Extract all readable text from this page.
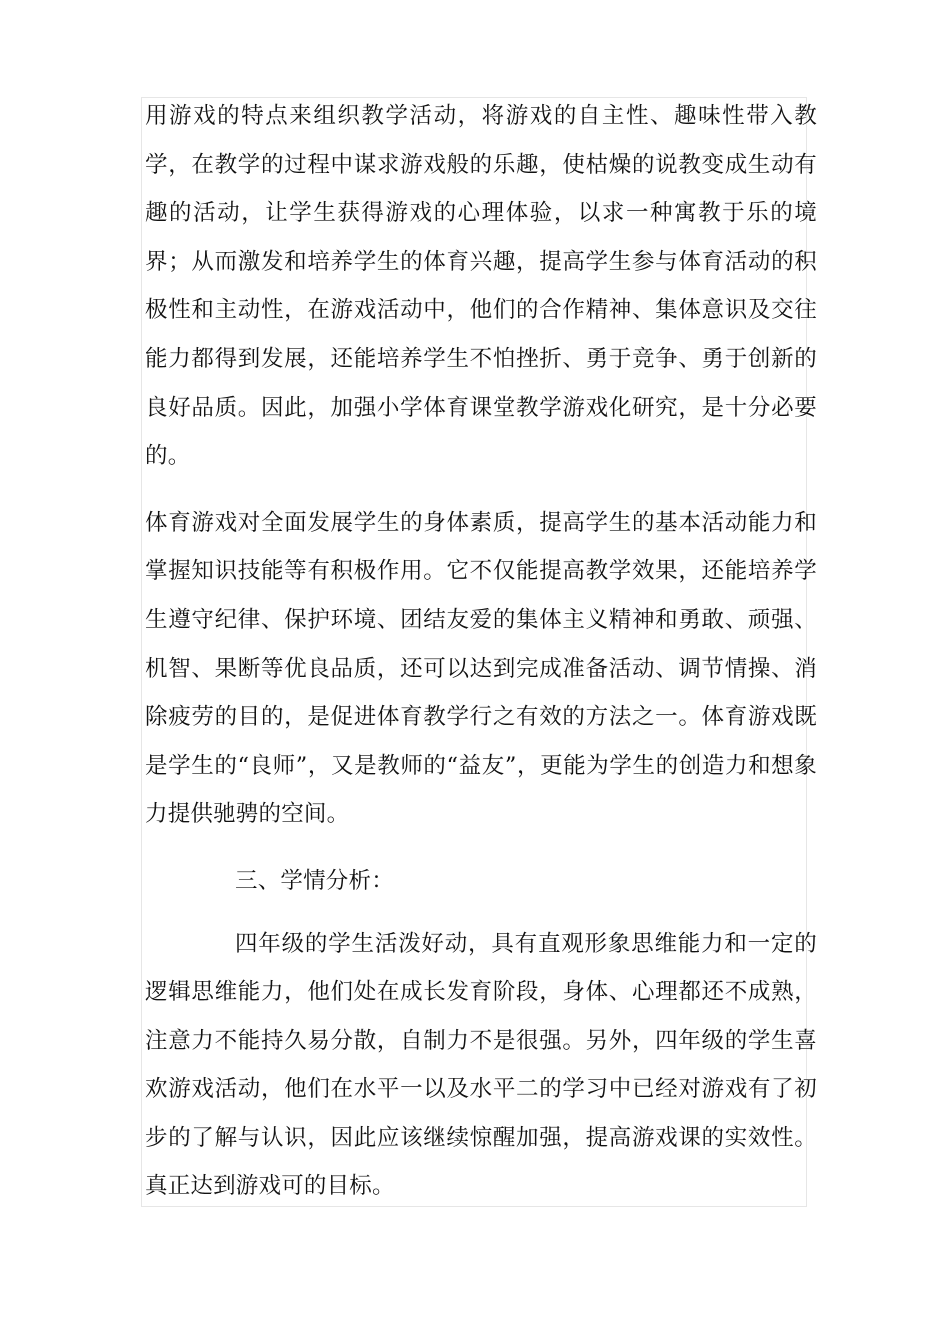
用游戏的特点来组织教学活动，将游戏的自主性、趣味性带入教学，在教学的过程中谋求游戏般的乐趣，使枯燥的说教变成生动有趣的活动，让学生获得游戏的心理体验，以求一种寓教于乐的境界；从而激发和培养学生的体育兴趣，提高学生参与体育活动的积极性和主动性，在游戏活动中，他们的合作精神、集体意识及交往能力都得到发展，还能培养学生不怕挫折、勇于竞争、勇于创新的良好品质。因此，加强小学体育课堂教学游戏化研究，是十分必要的。

体育游戏对全面发展学生的身体素质，提高学生的基本活动能力和掌握知识技能等有积极作用。它不仅能提高教学效果，还能培养学生遵守纪律、保护环境、团结友爱的集体主义精神和勇敢、顽强、机智、果断等优良品质，还可以达到完成准备活动、调节情操、消除疲劳的目的，是促进体育教学行之有效的方法之一。体育游戏既是学生的“良师”，又是教师的“益友”，更能为学生的创造力和想象力提供驰骋的空间。

三、学情分析：

四年级的学生活泼好动，具有直观形象思维能力和一定的逻辑思维能力，他们处在成长发育阶段，身体、心理都还不成熟，注意力不能持久易分散，自制力不是很强。另外，四年级的学生喜欢游戏活动，他们在水平一以及水平二的学习中已经对游戏有了初步的了解与认识，因此应该继续惊醒加强，提高游戏课的实效性。真正达到游戏可的目标。
